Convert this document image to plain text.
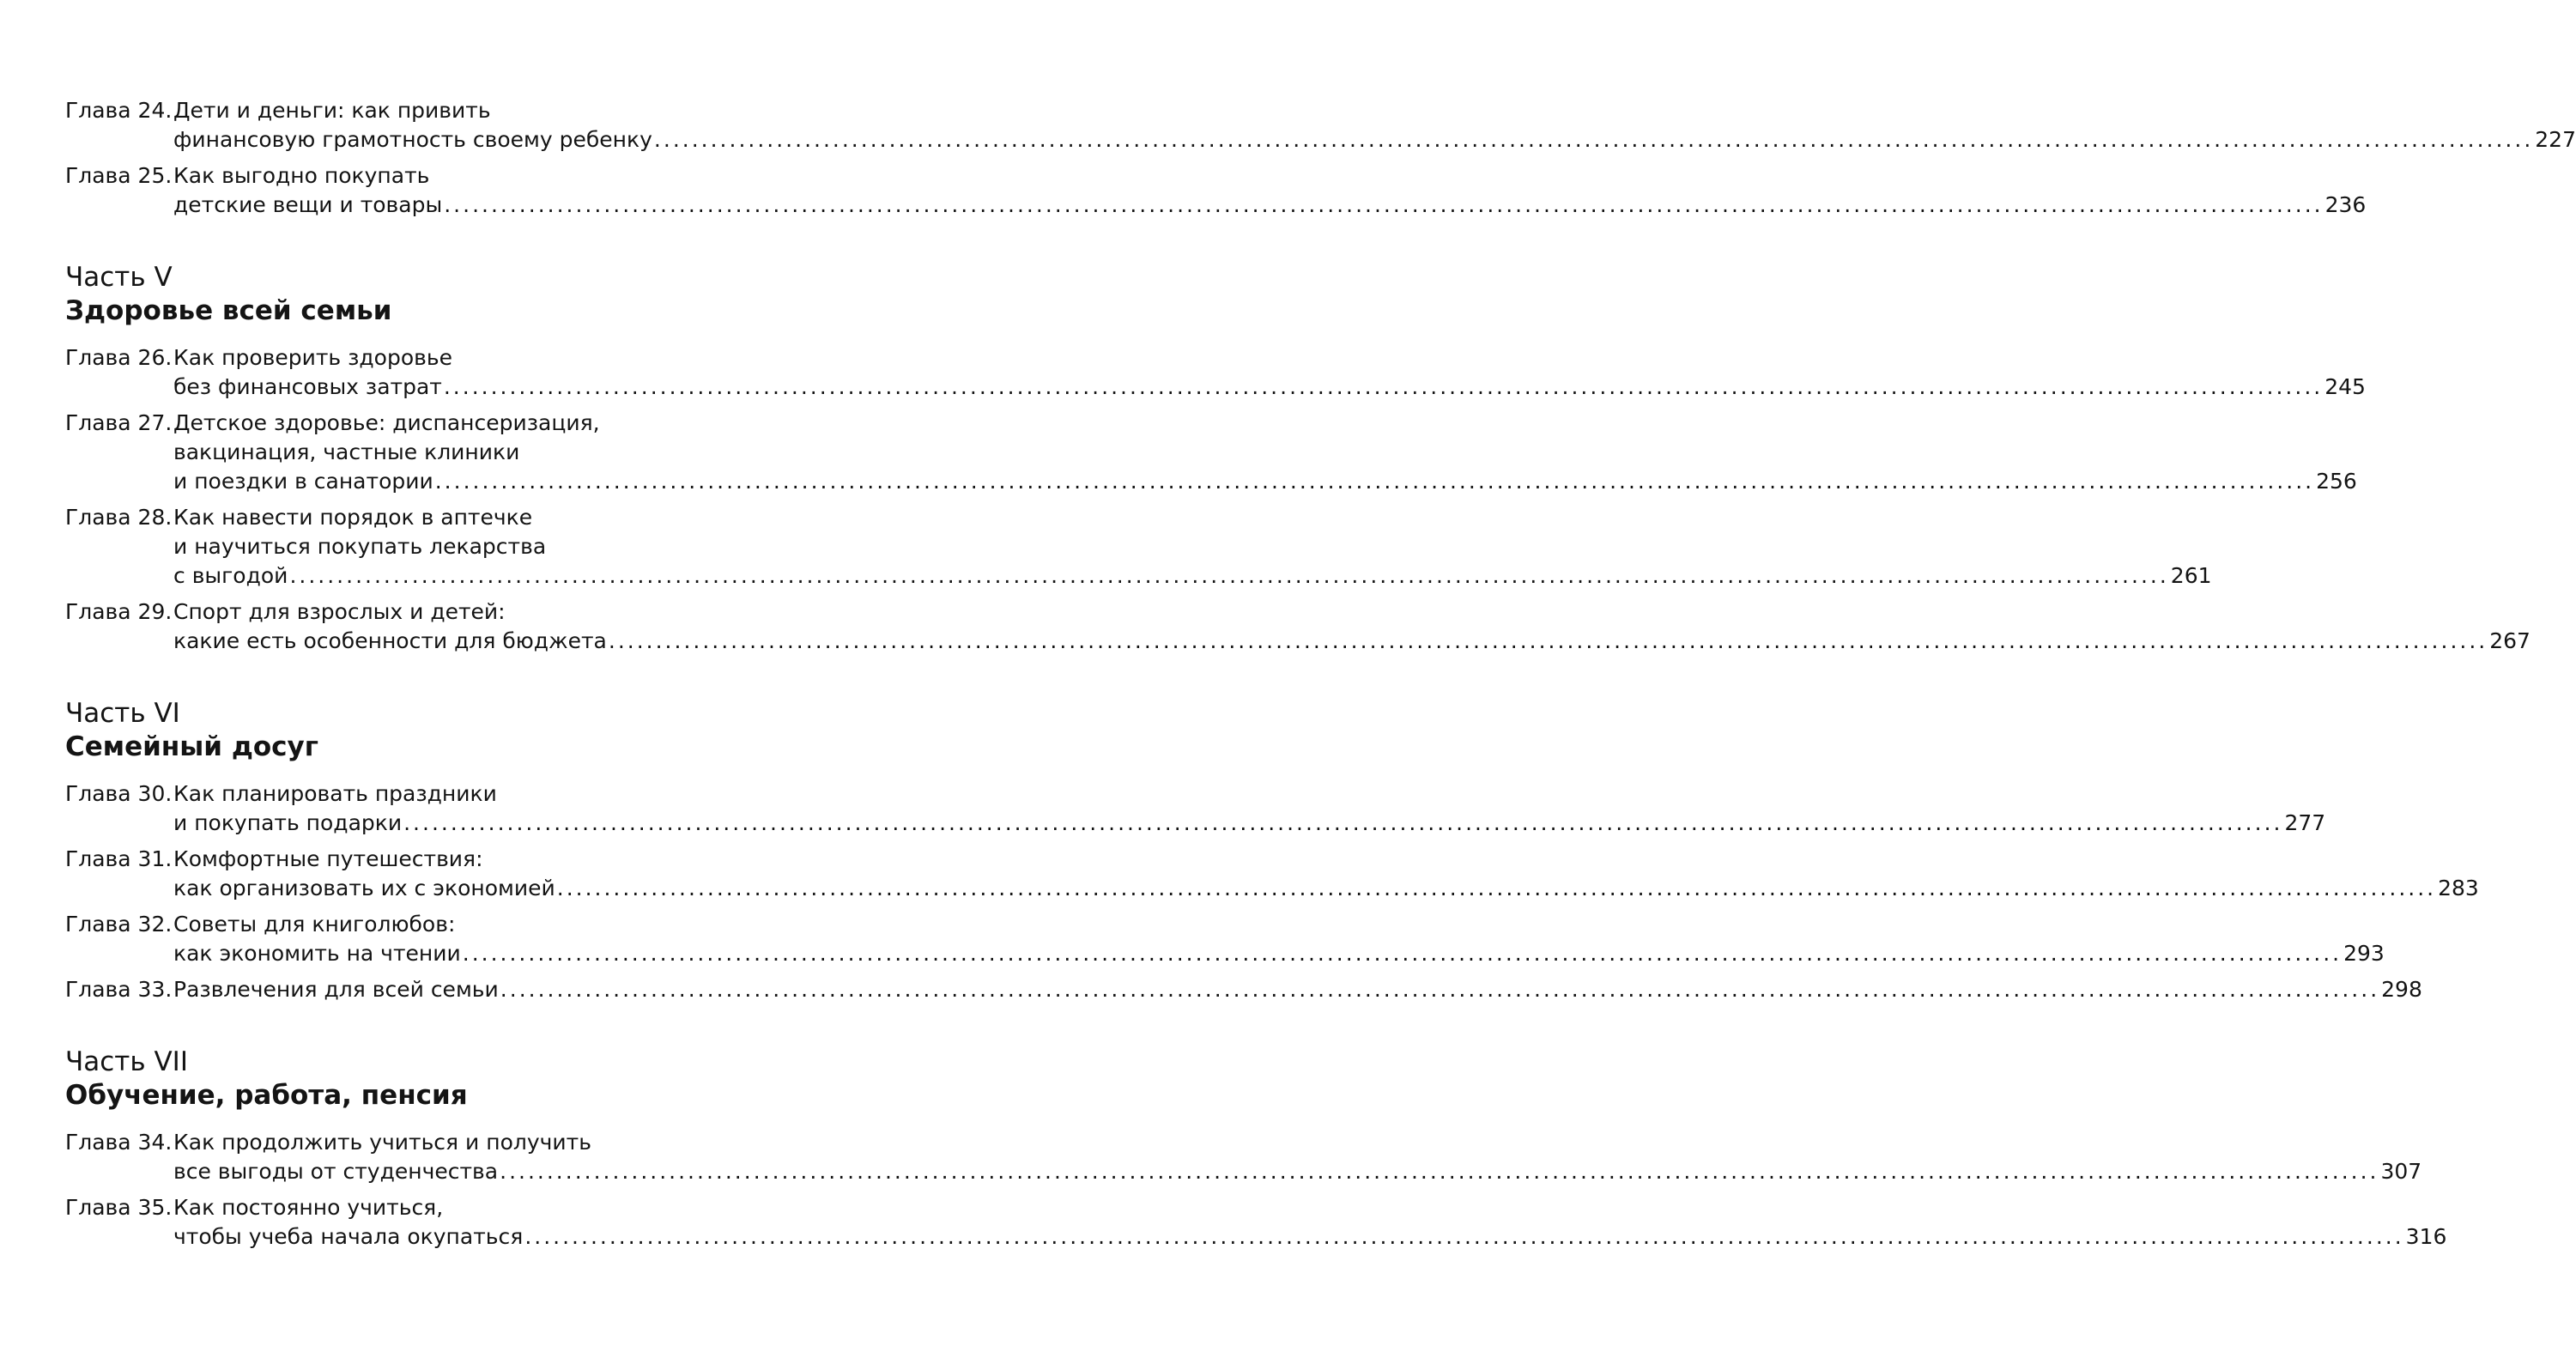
Глава 24. Дети и деньги: как привить
финансовую грамотность своему ребенку ........................................................................................................................................................................................................ 227
Глава 25. Как выгодно покупать
детские вещи и товары ........................................................................................................................................................................................................ 236
Часть V
Здоровье всей семьи
Глава 26. Как проверить здоровье
без финансовых затрат ........................................................................................................................................................................................................ 245
Глава 27. Детское здоровье: диспансеризация,
вакцинация, частные клиники
и поездки в санатории ........................................................................................................................................................................................................ 256
Глава 28. Как навести порядок в аптечке
и научиться покупать лекарства
с выгодой ........................................................................................................................................................................................................ 261
Глава 29. Спорт для взрослых и детей:
какие есть особенности для бюджета ........................................................................................................................................................................................................ 267
Часть VI
Семейный досуг
Глава 30. Как планировать праздники
и покупать подарки ........................................................................................................................................................................................................ 277
Глава 31. Комфортные путешествия:
как организовать их с экономией ........................................................................................................................................................................................................ 283
Глава 32. Советы для книголюбов:
как экономить на чтении ........................................................................................................................................................................................................ 293
Глава 33. Развлечения для всей семьи ........................................................................................................................................................................................................ 298
Часть VII
Обучение, работа, пенсия
Глава 34. Как продолжить учиться и получить
все выгоды от студенчества ........................................................................................................................................................................................................ 307
Глава 35. Как постоянно учиться,
чтобы учеба начала окупаться ........................................................................................................................................................................................................ 316
